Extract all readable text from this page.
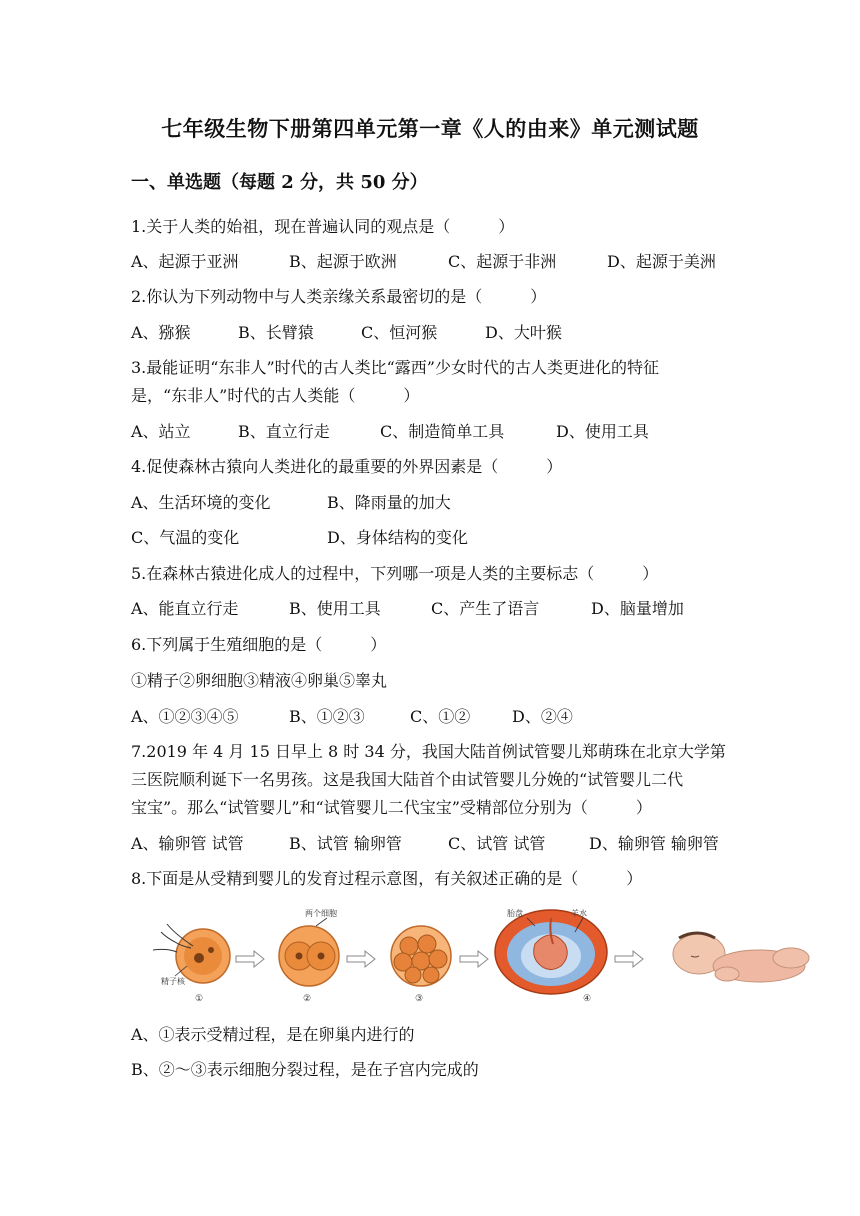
七年级生物下册第四单元第一章《人的由来》单元测试题
一、单选题（每题 2 分，共 50 分）
1.关于人类的始祖，现在普遍认同的观点是（　　　）
A、起源于亚洲	B、起源于欧洲	C、起源于非洲	D、起源于美洲
2.你认为下列动物中与人类亲缘关系最密切的是（　　　）
A、猕猴	B、长臂猿	C、恒河猴	D、大叶猴
3.最能证明“东非人”时代的古人类比“露西”少女时代的古人类更进化的特征
是，“东非人”时代的古人类能（　　　）
A、站立	B、直立行走	C、制造简单工具	D、使用工具
4.促使森林古猿向人类进化的最重要的外界因素是（　　　）
A、生活环境的变化	B、降雨量的加大
C、气温的变化	D、身体结构的变化
5.在森林古猿进化成人的过程中，下列哪一项是人类的主要标志（　　　）
A、能直立行走	B、使用工具	C、产生了语言	D、脑量增加
6.下列属于生殖细胞的是（　　　）
①精子②卵细胞③精液④卵巢⑤睾丸
A、①②③④⑤	B、①②③	C、①②	D、②④
7.2019 年 4 月 15 日早上 8 时 34 分，我国大陆首例试管婴儿郑萌珠在北京大学第
三医院顺利诞下一名男孩。这是我国大陆首个由试管婴儿分娩的“试管婴儿二代
宝宝”。那么“试管婴儿”和“试管婴儿二代宝宝”受精部位分别为（　　　）
A、输卵管 试管	B、试管 输卵管	C、试管 试管	D、输卵管 输卵管
8.下面是从受精到婴儿的发育过程示意图，有关叙述正确的是（　　　）
精子核
①
两个细胞
②	③
胎盘	羊水
④
A、①表示受精过程，是在卵巢内进行的
B、②～③表示细胞分裂过程，是在子宫内完成的
